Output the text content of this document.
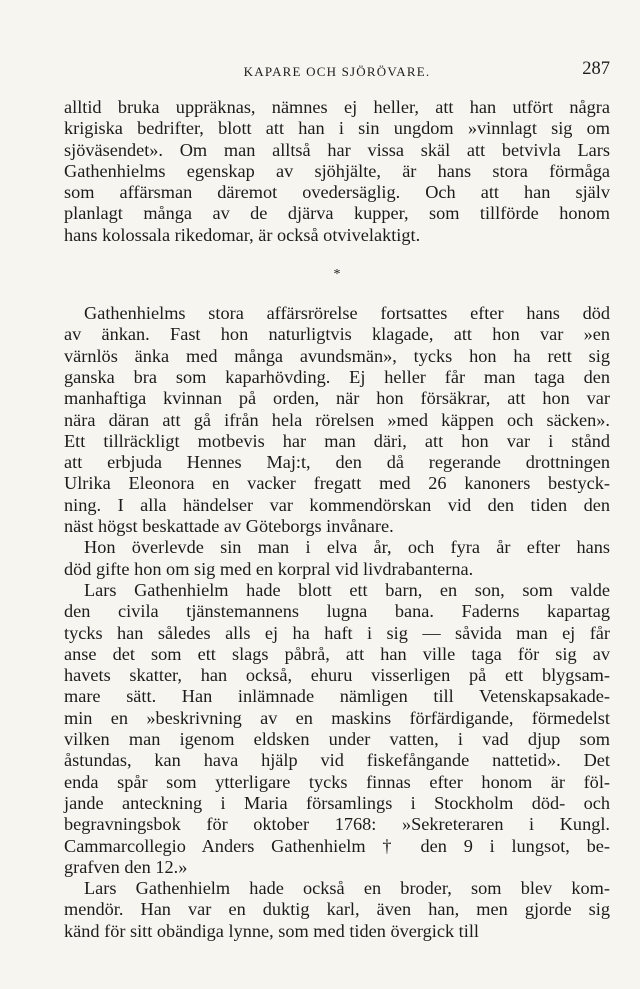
KAPARE OCH SJÖRÖVARE.	287
alltid bruka uppräknas, nämnes ej heller, att han utfört några
krigiska bedrifter, blott att han i sin ungdom »vinnlagt sig om
sjöväsendet». Om man alltså har vissa skäl att betvivla Lars
Gathenhielms egenskap av sjöhjälte, är hans stora förmåga
som affärsman däremot ovedersäglig. Och att han själv
planlagt många av de djärva kupper, som tillförde honom
hans kolossala rikedomar, är också otvivelaktigt.
*
Gathenhielms stora affärsrörelse fortsattes efter hans död
av änkan. Fast hon naturligtvis klagade, att hon var »en
värnlös änka med många avundsmän», tycks hon ha rett sig
ganska bra som kaparhövding. Ej heller får man taga den
manhaftiga kvinnan på orden, när hon försäkrar, att hon var
nära däran att gå ifrån hela rörelsen »med käppen och säcken».
Ett tillräckligt motbevis har man däri, att hon var i stånd
att erbjuda Hennes Maj:t, den då regerande drottningen
Ulrika Eleonora en vacker fregatt med 26 kanoners bestyck-
ning. I alla händelser var kommendörskan vid den tiden den
näst högst beskattade av Göteborgs invånare.
Hon överlevde sin man i elva år, och fyra år efter hans
död gifte hon om sig med en korpral vid livdrabanterna.
Lars Gathenhielm hade blott ett barn, en son, som valde
den civila tjänstemannens lugna bana. Faderns kapartag
tycks han således alls ej ha haft i sig — såvida man ej får
anse det som ett slags påbrå, att han ville taga för sig av
havets skatter, han också, ehuru visserligen på ett blygsam-
mare sätt. Han inlämnade nämligen till Vetenskapsakade-
min en »beskrivning av en maskins förfärdigande, förmedelst
vilken man igenom eldsken under vatten, i vad djup som
åstundas, kan hava hjälp vid fiskefångande nattetid». Det
enda spår som ytterligare tycks finnas efter honom är föl-
jande anteckning i Maria församlings i Stockholm död- och
begravningsbok för oktober 1768: »Sekreteraren i Kungl.
Cammarcollegio Anders Gathenhielm † den 9 i lungsot, be-
grafven den 12.»
Lars Gathenhielm hade också en broder, som blev kom-
mendör. Han var en duktig karl, även han, men gjorde sig
känd för sitt obändiga lynne, som med tiden övergick till
